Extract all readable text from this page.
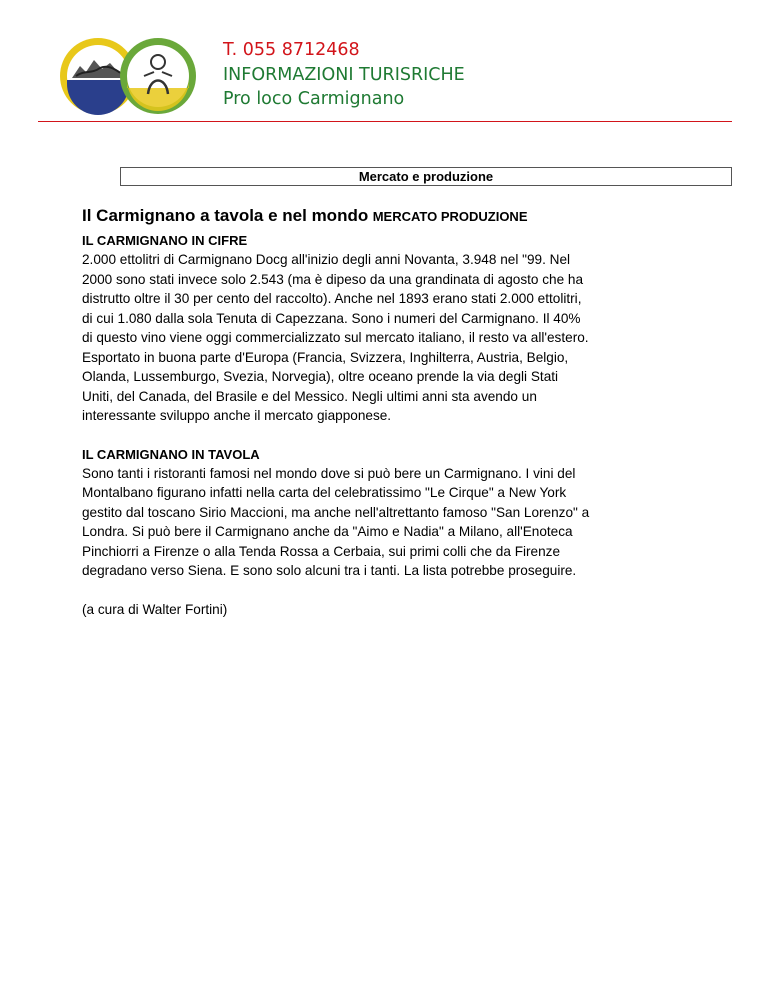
T. 055 8712468
INFORMAZIONI TURISRICHE
Pro loco Carmignano
Mercato e produzione
Il Carmignano a tavola e nel mondo MERCATO PRODUZIONE

IL CARMIGNANO IN CIFRE

2.000 ettolitri di Carmignano Docg all'inizio degli anni Novanta, 3.948 nel "99. Nel
2000 sono stati invece solo 2.543 (ma è dipeso da una grandinata di agosto che ha
distrutto oltre il 30 per cento del raccolto). Anche nel 1893 erano stati 2.000 ettolitri,
di cui 1.080 dalla sola Tenuta di Capezzana. Sono i numeri del Carmignano. Il 40%
di questo vino viene oggi commercializzato sul mercato italiano, il resto va all'estero.
Esportato in buona parte d'Europa (Francia, Svizzera, Inghilterra, Austria, Belgio,
Olanda, Lussemburgo, Svezia, Norvegia), oltre oceano prende la via degli Stati
Uniti, del Canada, del Brasile e del Messico. Negli ultimi anni sta avendo un
interessante sviluppo anche il mercato giapponese.

IL CARMIGNANO IN TAVOLA

Sono tanti i ristoranti famosi nel mondo dove si può bere un Carmignano. I vini del
Montalbano figurano infatti nella carta del celebratissimo "Le Cirque" a New York
gestito dal toscano Sirio Maccioni, ma anche nell'altrettanto famoso "San Lorenzo" a
Londra. Si può bere il Carmignano anche da "Aimo e Nadia" a Milano, all'Enoteca
Pinchiorri a Firenze o alla Tenda Rossa a Cerbaia, sui primi colli che da Firenze
degradano verso Siena. E sono solo alcuni tra i tanti. La lista potrebbe proseguire.

(a cura di Walter Fortini)
